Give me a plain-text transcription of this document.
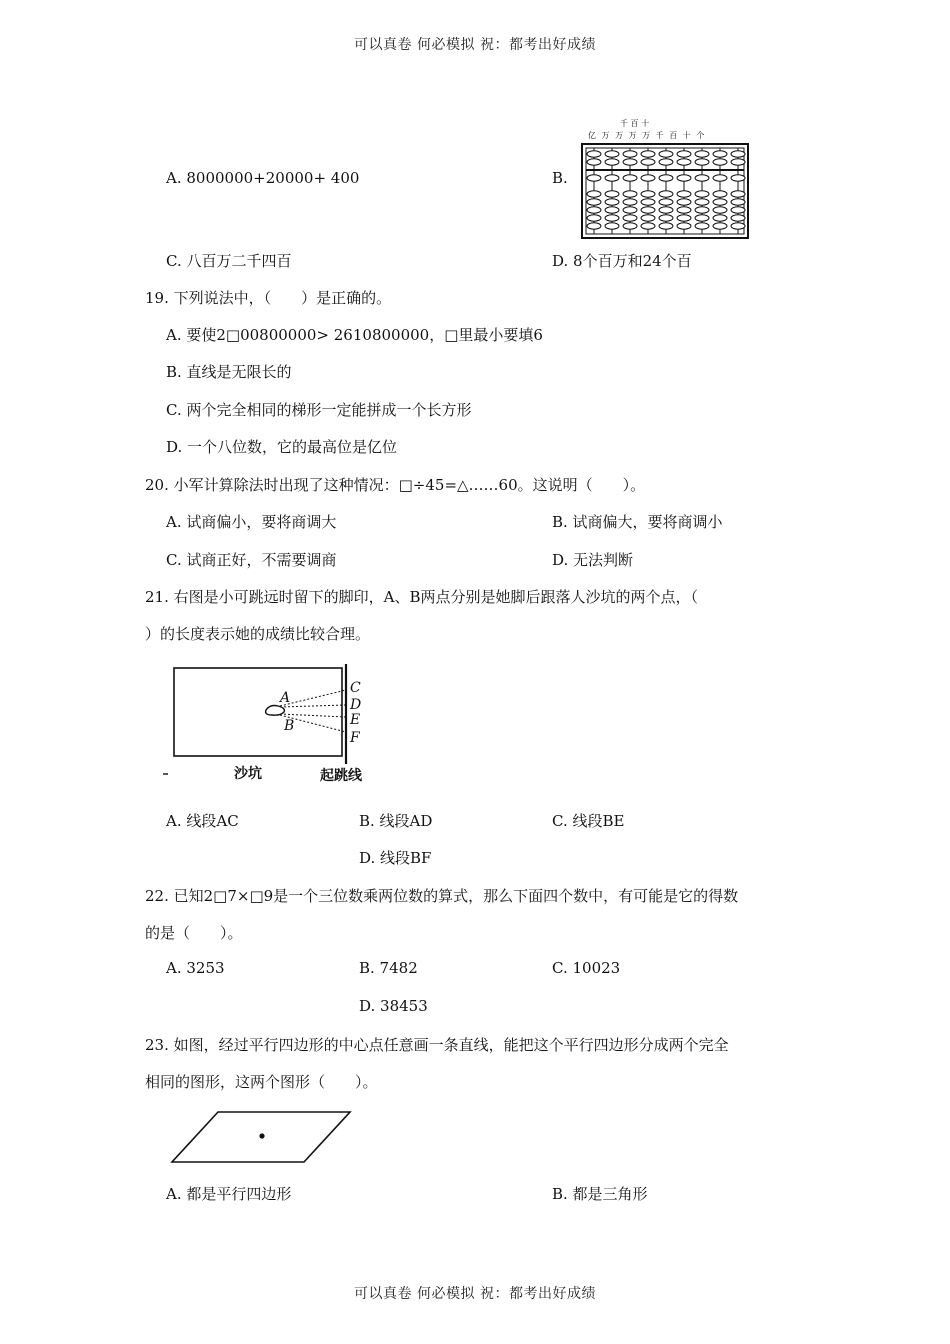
可以真卷 何必模拟 祝：都考出好成绩
A. 8000000+20000+ 400	B.
千 百 十
亿 万 万 万 万 千 百 十 个
C. 八百万二千四百	D. 8个百万和24个百
19. 下列说法中，（　　）是正确的。
A. 要使2□00800000> 2610800000，□里最小要填6
B. 直线是无限长的
C. 两个完全相同的梯形一定能拼成一个长方形
D. 一个八位数，它的最高位是亿位
20. 小军计算除法时出现了这种情况：□÷45=△……60。这说明（　　）。
A. 试商偏小，要将商调大	B. 试商偏大，要将商调小
C. 试商正好，不需要调商	D. 无法判断
21. 右图是小可跳远时留下的脚印，A、B两点分别是她脚后跟落人沙坑的两个点，（
）的长度表示她的成绩比较合理。
A
B
C
D
E
F
沙坑	起跳线
A. 线段AC	B. 线段AD	C. 线段BE
D. 线段BF
22. 已知2□7×□9是一个三位数乘两位数的算式，那么下面四个数中，有可能是它的得数
的是（　　）。
A. 3253	B. 7482	C. 10023
D. 38453
23. 如图，经过平行四边形的中心点任意画一条直线，能把这个平行四边形分成两个完全
相同的图形，这两个图形（　　）。
A. 都是平行四边形	B. 都是三角形
可以真卷 何必模拟 祝：都考出好成绩
